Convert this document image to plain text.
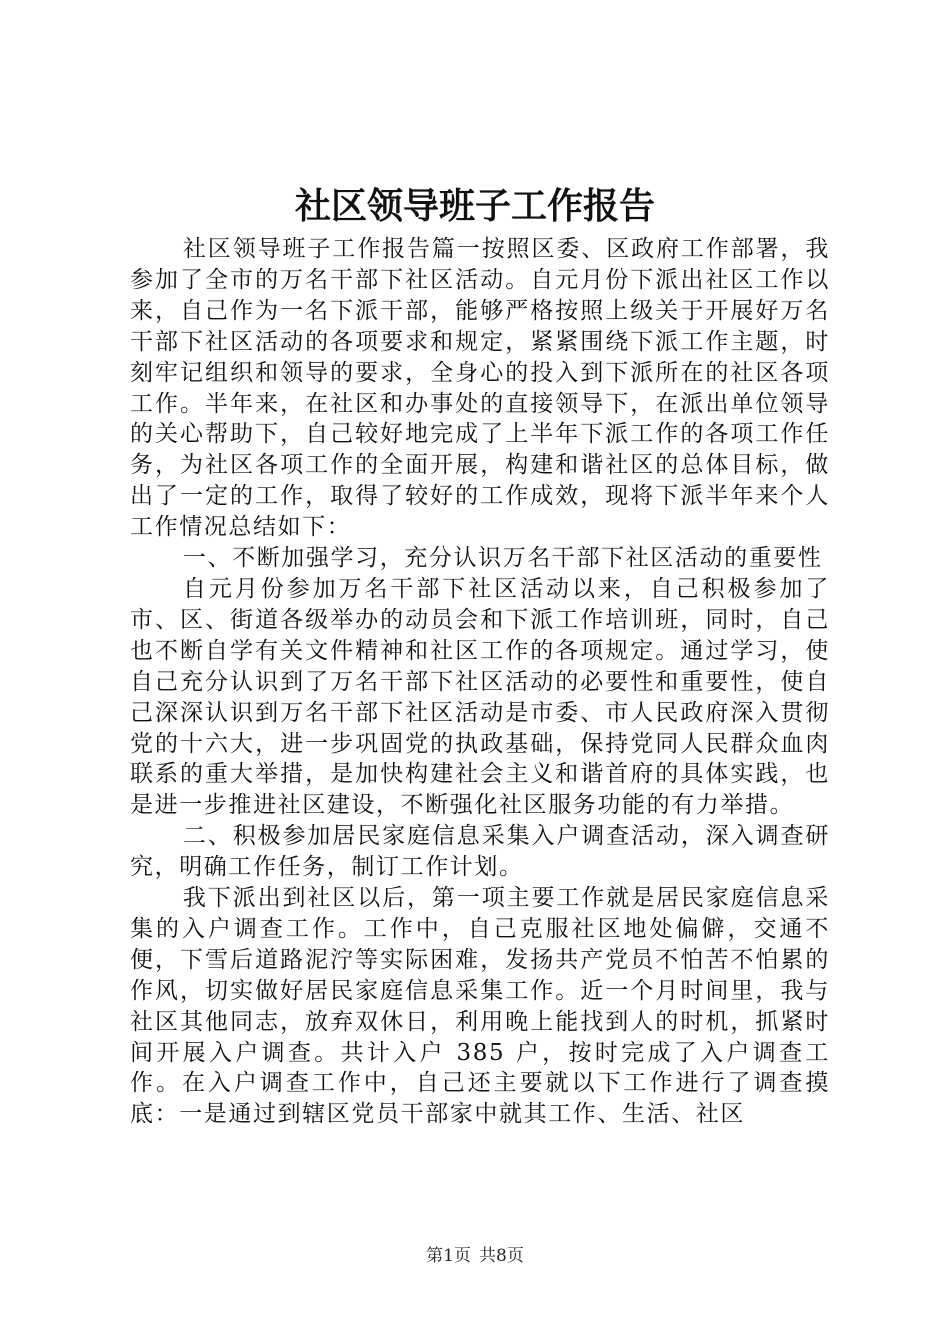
社区领导班子工作报告

社区领导班子工作报告篇一按照区委、区政府工作部署，我参加了全市的万名干部下社区活动。自元月份下派出社区工作以来，自己作为一名下派干部，能够严格按照上级关于开展好万名干部下社区活动的各项要求和规定，紧紧围绕下派工作主题，时刻牢记组织和领导的要求，全身心的投入到下派所在的社区各项工作。半年来，在社区和办事处的直接领导下，在派出单位领导的关心帮助下，自己较好地完成了上半年下派工作的各项工作任务，为社区各项工作的全面开展，构建和谐社区的总体目标，做出了一定的工作，取得了较好的工作成效，现将下派半年来个人工作情况总结如下：

一、不断加强学习，充分认识万名干部下社区活动的重要性

自元月份参加万名干部下社区活动以来，自己积极参加了市、区、街道各级举办的动员会和下派工作培训班，同时，自己也不断自学有关文件精神和社区工作的各项规定。通过学习，使自己充分认识到了万名干部下社区活动的必要性和重要性，使自己深深认识到万名干部下社区活动是市委、市人民政府深入贯彻党的十六大，进一步巩固党的执政基础，保持党同人民群众血肉联系的重大举措，是加快构建社会主义和谐首府的具体实践，也是进一步推进社区建设，不断强化社区服务功能的有力举措。

二、积极参加居民家庭信息采集入户调查活动，深入调查研究，明确工作任务，制订工作计划。

我下派出到社区以后，第一项主要工作就是居民家庭信息采集的入户调查工作。工作中，自己克服社区地处偏僻，交通不便，下雪后道路泥泞等实际困难，发扬共产党员不怕苦不怕累的作风，切实做好居民家庭信息采集工作。近一个月时间里，我与社区其他同志，放弃双休日，利用晚上能找到人的时机，抓紧时间开展入户调查。共计入户 385 户，按时完成了入户调查工作。在入户调查工作中，自己还主要就以下工作进行了调查摸底：一是通过到辖区党员干部家中就其工作、生活、社区

第1页 共8页
